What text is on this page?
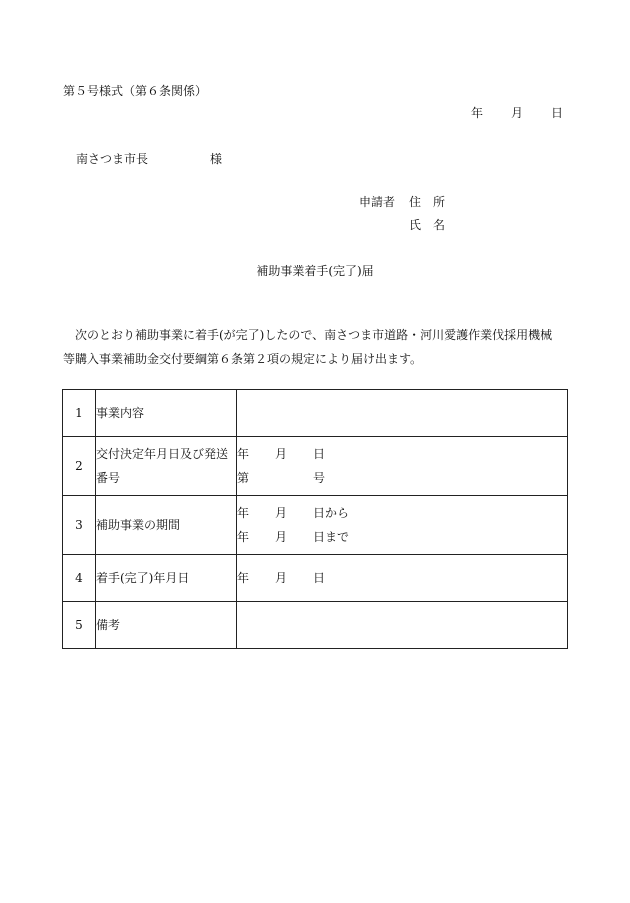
第５号様式（第６条関係）
年 月 日
南さつま市長	様
申請者 住　所
氏　名
補助事業着手(完了)届

次のとおり補助事業に着手(が完了)したので、南さつま市道路・河川愛護作業伐採用機械

等購入事業補助金交付要綱第６条第２項の規定により届け出ます。

1	事業内容	
2	交付決定年月日及び発送番号	年 月 日
第 号

3	補助事業の期間	年 月 日から
年 月 日まで

4	着手(完了)年月日	年 月 日

5	備考	
